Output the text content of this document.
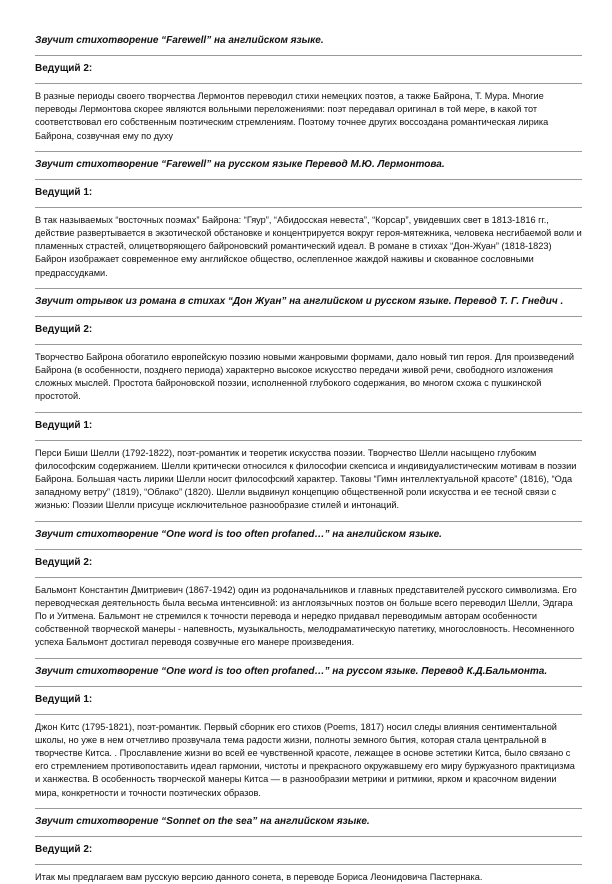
Звучит стихотворение “Farewell” на английском языке.

Ведущий 2:

В разные периоды своего творчества Лермонтов переводил стихи немецких поэтов, а также Байрона, Т. Мура. Многие переводы Лермонтова скорее являются вольными переложениями: поэт передавал оригинал в той мере, в какой тот соответствовал его собственным поэтическим стремлениям. Поэтому точнее других воссоздана романтическая лирика Байрона, созвучная ему по духу

Звучит стихотворение “Farewell” на русском языке Перевод М.Ю. Лермонтова.

Ведущий 1:

В так называемых “восточных поэмах” Байрона: “Гяур”, “Абидосская невеста”, “Корсар”, увидевших свет в 1813-1816 гг., действие развертывается в экзотической обстановке и концентрируется вокруг героя-мятежника, человека несгибаемой воли и пламенных страстей, олицетворяющего байроновский романтический идеал. В романе в стихах “Дон-Жуан” (1818-1823) Байрон изображает современное ему английское общество, ослепленное жаждой наживы и скованное сословными предрассудками.

Звучит отрывок из романа в стихах “Дон Жуан” на английском и русском языке. Перевод Т. Г. Гнедич .

Ведущий 2:

Творчество Байрона обогатило европейскую поэзию новыми жанровыми формами, дало новый тип героя. Для произведений Байрона (в особенности, позднего периода) характерно высокое искусство передачи живой речи, свободного изложения сложных мыслей. Простота байроновской поэзии, исполненной глубокого содержания, во многом схожа с пушкинской простотой.

Ведущий 1:

Перси Биши Шелли (1792-1822), поэт-романтик и теоретик искусства поэзии. Творчество Шелли насыщено глубоким философским содержанием. Шелли критически относился к философии скепсиса и индивидуалистическим мотивам в поэзии Байрона. Большая часть лирики Шелли носит философский характер. Таковы “Гимн интеллектуальной красоте” (1816), “Ода западному ветру” (1819), “Облако” (1820). Шелли выдвинул концепцию общественной роли искусства и ее тесной связи с жизнью: Поэзии Шелли присуще исключительное разнообразие стилей и интонаций.

Звучит стихотворение “One word is too often profaned…” на английском языке.

Ведущий 2:

Бальмонт Константин Дмитриевич (1867-1942) один из родоначальников и главных представителей русского символизма. Его переводческая деятельность была весьма интенсивной: из англоязычных поэтов он больше всего переводил Шелли, Эдгара По и Уитмена. Бальмонт не стремился к точности перевода и нередко придавал переводимым авторам особенности собственной творческой манеры - напевность, музыкальность, мелодраматическую патетику, многословность. Несомненного успеха Бальмонт достигал переводя созвучные его манере произведения.

Звучит стихотворение “One word is too often profaned…” на руссом языке. Перевод К.Д.Бальмонта.

Ведущий 1:

Джон Китс (1795-1821), поэт-романтик. Первый сборник его стихов (Poems, 1817) носил следы влияния сентиментальной школы, но уже в нем отчетливо прозвучала тема радости жизни, полноты земного бытия, которая стала центральной в творчестве Китса. . Прославление жизни во всей ее чувственной красоте, лежащее в основе эстетики Китса, было связано с его стремлением противопоставить идеал гармонии, чистоты и прекрасного окружавшему его миру буржуазного практицизма и ханжества. В особенность творческой манеры Китса — в разнообразии метрики и ритмики, ярком и красочном видении мира, конкретности и точности поэтических образов.

Звучит стихотворение “Sonnet on the sea” на английском языке.

Ведущий 2:

Итак мы предлагаем вам русскую версию данного сонета, в переводе Бориса Леонидовича Пастернака.
